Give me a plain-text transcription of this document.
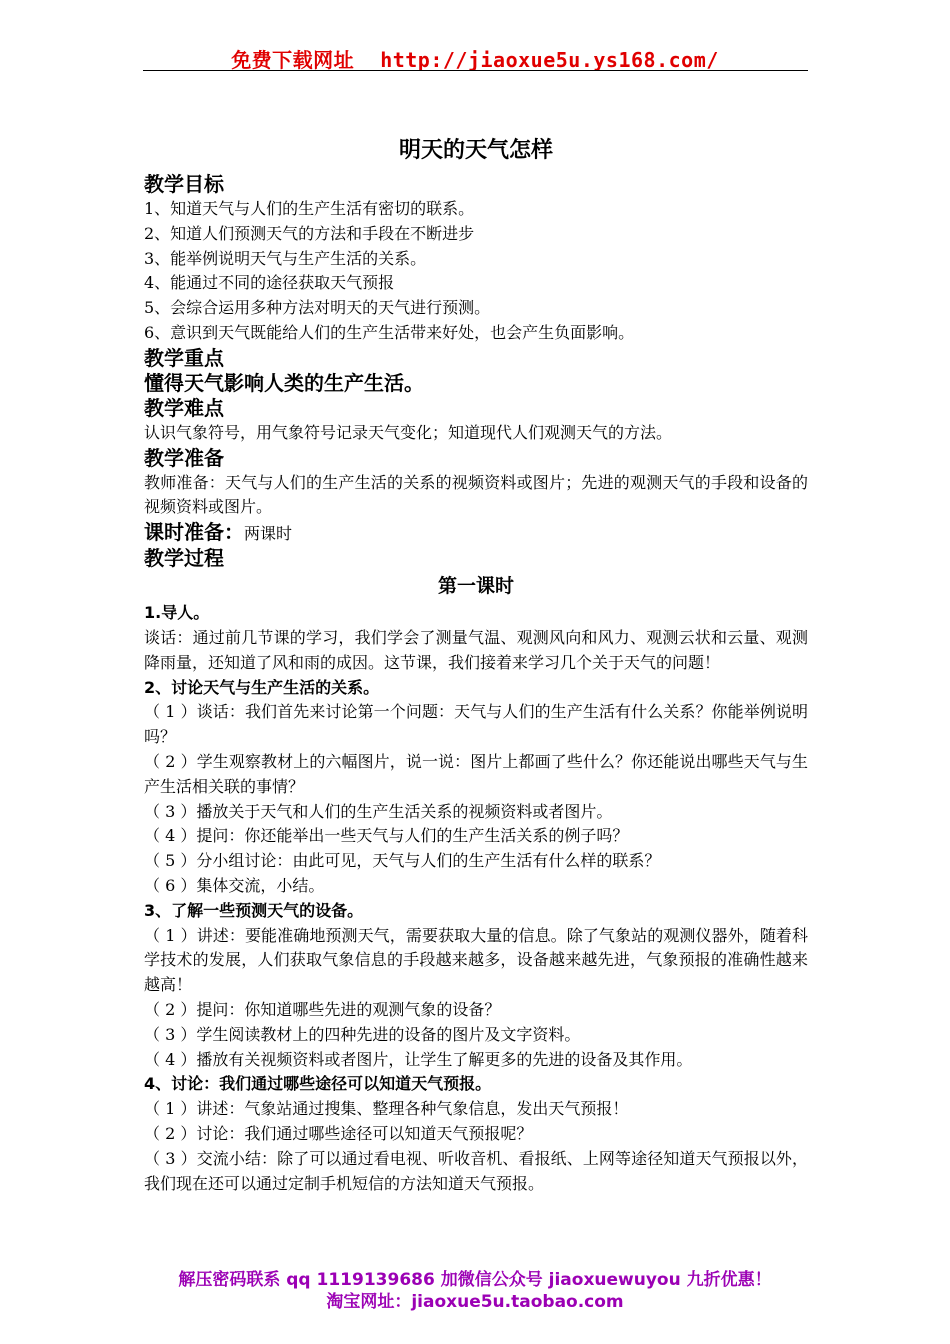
免费下载网址 http://jiaoxue5u.ys168.com/
明天的天气怎样
教学目标
1、知道天气与人们的生产生活有密切的联系。
2、知道人们预测天气的方法和手段在不断进步
3、能举例说明天气与生产生活的关系。
4、能通过不同的途径获取天气预报
5、会综合运用多种方法对明天的天气进行预测。
6、意识到天气既能给人们的生产生活带来好处，也会产生负面影响。
教学重点
懂得天气影响人类的生产生活。
教学难点
认识气象符号，用气象符号记录天气变化；知道现代人们观测天气的方法。
教学准备
教师准备：天气与人们的生产生活的关系的视频资料或图片；先进的观测天气的手段和设备的视频资料或图片。
课时准备：两课时
教学过程
第一课时
1.导人。
谈话：通过前几节课的学习，我们学会了测量气温、观测风向和风力、观测云状和云量、观测降雨量，还知道了风和雨的成因。这节课，我们接着来学习几个关于天气的问题！
2、讨论天气与生产生活的关系。
（ 1 ）谈话：我们首先来讨论第一个问题：天气与人们的生产生活有什么关系？你能举例说明吗？
（ 2 ）学生观察教材上的六幅图片，说一说：图片上都画了些什么？你还能说出哪些天气与生产生活相关联的事情？
（ 3 ）播放关于天气和人们的生产生活关系的视频资料或者图片。
（ 4 ）提问：你还能举出一些天气与人们的生产生活关系的例子吗？
（ 5 ）分小组讨论：由此可见，天气与人们的生产生活有什么样的联系？
（ 6 ）集体交流，小结。
3、了解一些预测天气的设备。
（ 1 ）讲述：要能准确地预测天气，需要获取大量的信息。除了气象站的观测仪器外，随着科学技术的发展，人们获取气象信息的手段越来越多，设备越来越先进，气象预报的准确性越来越高！
（ 2 ）提问：你知道哪些先进的观测气象的设备？
（ 3 ）学生阅读教材上的四种先进的设备的图片及文字资料。
（ 4 ）播放有关视频资料或者图片，让学生了解更多的先进的设备及其作用。
4、讨论：我们通过哪些途径可以知道天气预报。
（ 1 ）讲述：气象站通过搜集、整理各种气象信息，发出天气预报！
（ 2 ）讨论：我们通过哪些途径可以知道天气预报呢？
（ 3 ）交流小结：除了可以通过看电视、听收音机、看报纸、上网等途径知道天气预报以外，我们现在还可以通过定制手机短信的方法知道天气预报。
解压密码联系 qq 1119139686 加微信公众号 jiaoxuewuyou 九折优惠！
淘宝网址：jiaoxue5u.taobao.com
